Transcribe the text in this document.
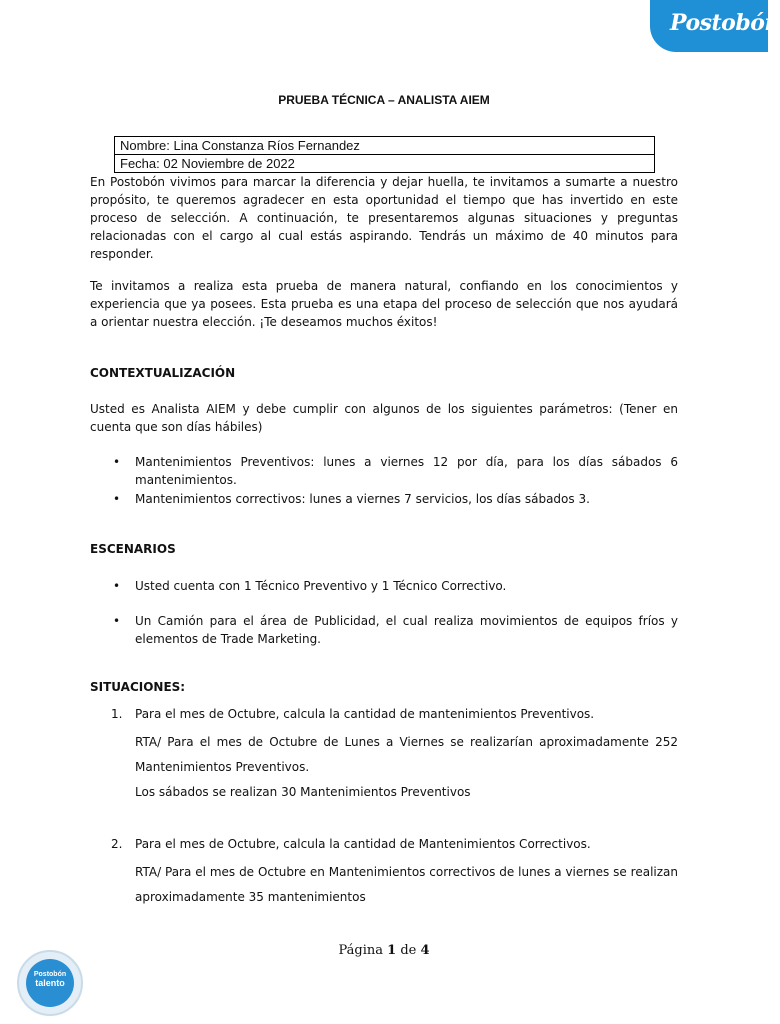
Postobón
PRUEBA TÉCNICA – ANALISTA AIEM
Nombre: Lina Constanza Ríos Fernandez
Fecha: 02 Noviembre de 2022

En Postobón vivimos para marcar la diferencia y dejar huella, te invitamos a sumarte a nuestro propósito, te queremos agradecer en esta oportunidad el tiempo que has invertido en este proceso de selección. A continuación, te presentaremos algunas situaciones y preguntas relacionadas con el cargo al cual estás aspirando. Tendrás un máximo de 40 minutos para responder.

Te invitamos a realiza esta prueba de manera natural, confiando en los conocimientos y experiencia que ya posees. Esta prueba es una etapa del proceso de selección que nos ayudará a orientar nuestra elección. ¡Te deseamos muchos éxitos!

CONTEXTUALIZACIÓN

Usted es Analista AIEM y debe cumplir con algunos de los siguientes parámetros: (Tener en cuenta que son días hábiles)

• Mantenimientos Preventivos: lunes a viernes 12 por día, para los días sábados 6 mantenimientos.
• Mantenimientos correctivos: lunes a viernes 7 servicios, los días sábados 3.
ESCENARIOS
• Usted cuenta con 1 Técnico Preventivo y 1 Técnico Correctivo.
• Un Camión para el área de Publicidad, el cual realiza movimientos de equipos fríos y elementos de Trade Marketing.
SITUACIONES:
1. Para el mes de Octubre, calcula la cantidad de mantenimientos Preventivos.

RTA/ Para el mes de Octubre de Lunes a Viernes se realizarían aproximadamente 252 Mantenimientos Preventivos.

Los sábados se realizan 30 Mantenimientos Preventivos

2. Para el mes de Octubre, calcula la cantidad de Mantenimientos Correctivos.

RTA/ Para el mes de Octubre en Mantenimientos correctivos de lunes a viernes se realizan aproximadamente 35 mantenimientos

Página 1 de 4
Postobón
talento
